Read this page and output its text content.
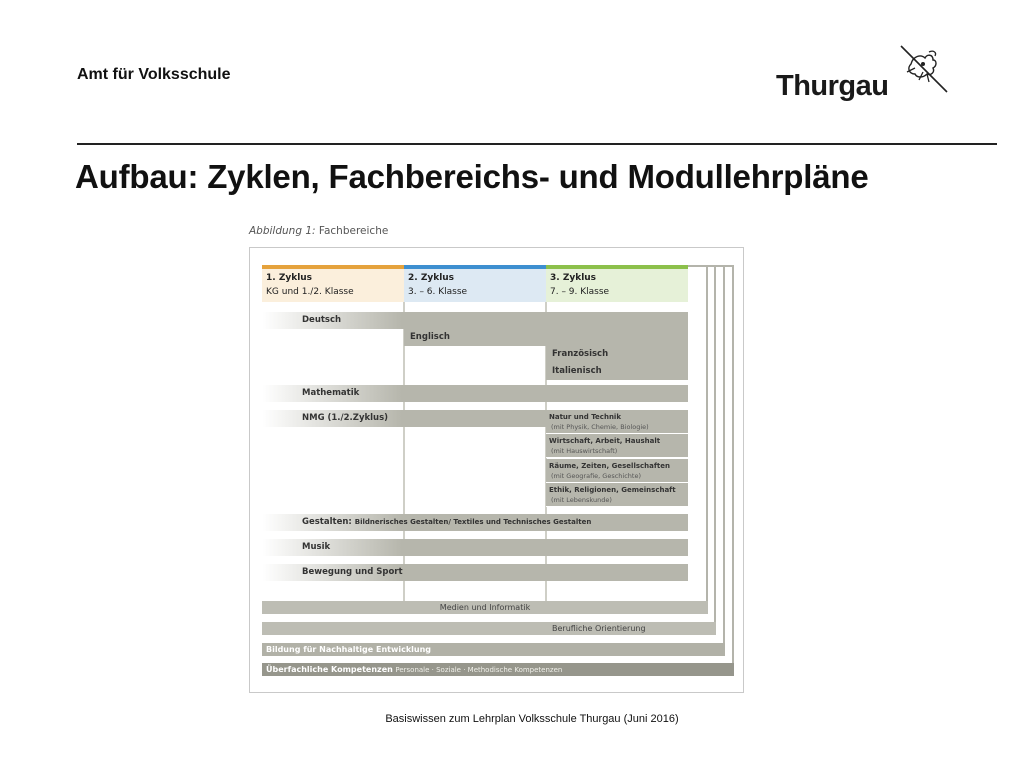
Amt für Volksschule	Thurgau
Aufbau: Zyklen, Fachbereichs- und Modullehrpläne
Abbildung 1: Fachbereiche
1. Zyklus
KG und 1./2. Klasse
2. Zyklus
3. – 6. Klasse
3. Zyklus
7. – 9. Klasse
Deutsch
Englisch
Französisch
Italienisch
Mathematik
NMG (1./2.Zyklus)	Natur und Technik
(mit Physik, Chemie, Biologie)
Wirtschaft, Arbeit, Haushalt
(mit Hauswirtschaft)
Räume, Zeiten, Gesellschaften
(mit Geografie, Geschichte)
Ethik, Religionen, Gemeinschaft
(mit Lebenskunde)
Gestalten: Bildnerisches Gestalten/ Textiles und Technisches Gestalten
Musik
Bewegung und Sport
Medien und Informatik
Berufliche Orientierung
Bildung für Nachhaltige Entwicklung
Überfachliche Kompetenzen Personale · Soziale · Methodische Kompetenzen
Basiswissen zum Lehrplan Volksschule Thurgau (Juni 2016)
